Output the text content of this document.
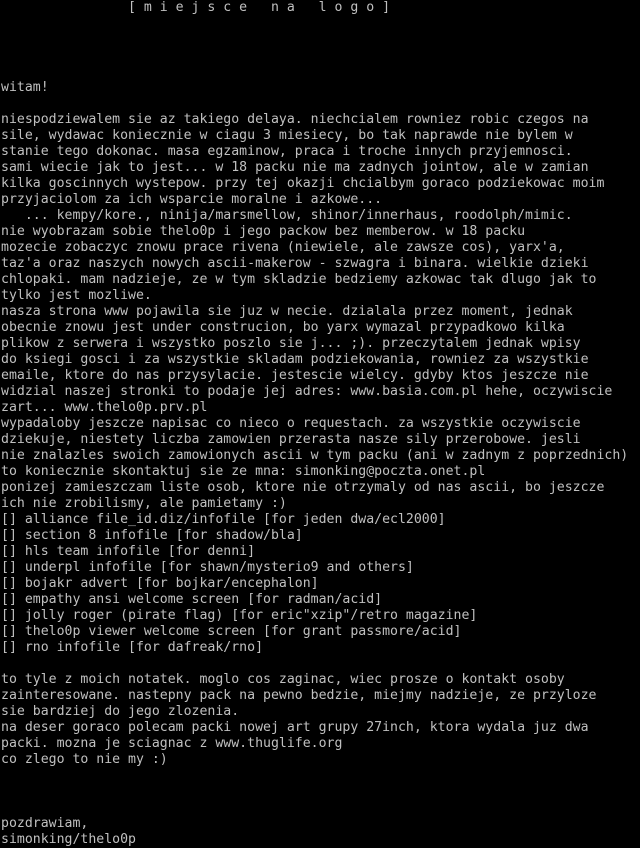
[ m i e j s c e   n a   l o g o ]
witam!
niespodziewalem sie az takiego delaya. niechcialem rowniez robic czegos na
sile, wydawac koniecznie w ciagu 3 miesiecy, bo tak naprawde nie bylem w
stanie tego dokonac. masa egzaminow, praca i troche innych przyjemnosci.
sami wiecie jak to jest... w 18 packu nie ma zadnych jointow, ale w zamian
kilka goscinnych wystepow. przy tej okazji chcialbym goraco podziekowac moim
przyjaciolom za ich wsparcie moralne i azkowe...
... kempy/kore., ninija/marsmellow, shinor/innerhaus, roodolph/mimic.
nie wyobrazam sobie thelo0p i jego packow bez memberow. w 18 packu
mozecie zobaczyc znowu prace rivena (niewiele, ale zawsze cos), yarx'a,
taz'a oraz naszych nowych ascii-makerow - szwagra i binara. wielkie dzieki
chlopaki. mam nadzieje, ze w tym skladzie bedziemy azkowac tak dlugo jak to
tylko jest mozliwe.
nasza strona www pojawila sie juz w necie. dzialala przez moment, jednak
obecnie znowu jest under construcion, bo yarx wymazal przypadkowo kilka
plikow z serwera i wszystko poszlo sie j... ;). przeczytalem jednak wpisy
do ksiegi gosci i za wszystkie skladam podziekowania, rowniez za wszystkie
emaile, ktore do nas przysylacie. jestescie wielcy. gdyby ktos jeszcze nie
widzial naszej stronki to podaje jej adres: www.basia.com.pl hehe, oczywiscie
zart... www.thelo0p.prv.pl
wypadaloby jeszcze napisac co nieco o requestach. za wszystkie oczywiscie
dziekuje, niestety liczba zamowien przerasta nasze sily przerobowe. jesli
nie znalazles swoich zamowionych ascii w tym packu (ani w zadnym z poprzednich)
to koniecznie skontaktuj sie ze mna: simonking@poczta.onet.pl
ponizej zamieszczam liste osob, ktore nie otrzymaly od nas ascii, bo jeszcze
ich nie zrobilismy, ale pamietamy :)
[] alliance file_id.diz/infofile [for jeden dwa/ecl2000]
[] section 8 infofile [for shadow/bla]
[] hls team infofile [for denni]
[] underpl infofile [for shawn/mysterio9 and others]
[] bojakr advert [for bojkar/encephalon]
[] empathy ansi welcome screen [for radman/acid]
[] jolly roger (pirate flag) [for eric"xzip"/retro magazine]
[] thelo0p viewer welcome screen [for grant passmore/acid]
[] rno infofile [for dafreak/rno]
to tyle z moich notatek. moglo cos zaginac, wiec prosze o kontakt osoby
zainteresowane. nastepny pack na pewno bedzie, miejmy nadzieje, ze przyloze
sie bardziej do jego zlozenia.
na deser goraco polecam packi nowej art grupy 27inch, ktora wydala juz dwa
packi. mozna je sciagnac z www.thuglife.org
co zlego to nie my :)
pozdrawiam,
simonking/thelo0p
